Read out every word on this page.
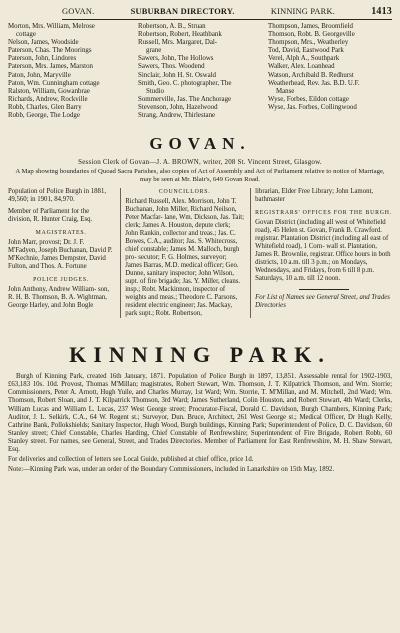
GOVAN.	SUBURBAN DIRECTORY.	KINNING PARK.	1413
Morton, Mrs. William, Melrose
cottage
Nelson, James, Woodside
Paterson, Chas. The Moorings
Paterson, John, Lindores
Paterson, Mrs. James, Marston
Paton, John, Maryville
Paton, Wm. Cunningham cottage
Ralston, William, Gowanbrae
Richards, Andrew, Rockville
Robb, Charles, Glen Barry
Robb, George, The Lodge
Robertson, A. B., Struan
Robertson, Robert, Heathbank
Russell, Mrs. Margaret, Dal-
grane
Sawers, John, The Hollows
Sawers, Thos. Woodend
Sinclair, John H. St. Oswald
Smith, Geo. C. photographer, The
Studio
Sommerville, Jas. The Anchorage
Stevenson, John, Hazelwood
Strang, Andrew, Thirlestane
Thompson, James, Broomfield
Thomson, Robt. B. Georgeville
Thompson, Mrs., Weatherley
Tod, David, Eastwood Park
Verel, Alph A., Southpark
Walker, Alex. Loanhead
Watson, Archibald B. Redhurst
Weatherhead, Rev. Jas. B.D. U.F.
Manse
Wyse, Forbes, Eildon cottage
Wyse, Jas. Forbes, Collingwood
GOVAN.
Session Clerk of Govan—J. A. BROWN, writer, 208 St. Vincent Street, Glasgow.
A Map showing boundaries of Quoad Sacra Parishes, also copies of Act of Assembly and Act of Parliament relative to notice of Marriage, may be seen at Mr. Blair's, 649 Govan Road.
Population of Police Burgh in 1881, 49,560; in 1901, 84,970.
Member of Parliament for the division, R. Hunter Craig, Esq.
MAGISTRATES.
John Marr, provost; Dr. J. F. M'Fadyen, Joseph Buchanan, David P. M'Kechnie, James Dempster, David Fulton, and Thos. A. Fortune
POLICE JUDGES.
John Anthony, Andrew William- son, R. H. B. Thomson, B. A. Wightman, George Harley, and John Bogle
COUNCILLORS.
Richard Russell, Alex. Morrison, John T. Buchanan, John Miller, Richard Neilson, Peter Macfar- lane, Wm. Dickson, Jas. Tait; clerk; James A. Houston, depute clerk; John Rankin, collector and treas.; Jas. C. Bowes, C.A., auditor; Jas. S. Whitecross, chief constable; James M. Malloch, burgh pro- secutor; F. G. Holmes, surveyor; James Barras, M.D. medical officer; Geo. Dunne, sanitary inspector; John Wilson, supt. of fire brigade; Jas. Y. Miller, cleans. insp.; Robt. Mackinnon, inspector of weights and meas.; Theodore C. Parsons, resident electric engineer; Jas. Mackay, park supt.; Robt. Robertson,
librarian, Elder Free Library; John Lamont, bathmaster
REGISTRARS' OFFICES FOR THE BURGH.
Govan District (including all west of Whitefield road), 45 Helen st. Govan, Frank B. Crawford. registrar. Plantation District (including all east of Whitefield road), 1 Corn- wall st. Plantation, James R. Brownlie, registrar. Office hours in both districts, 10 a.m. till 3 p.m.; on Mondays, Wednesdays, and Fridays, from 6 till 8 p.m. Saturdays, 10 a.m. till 12 noon.
For List of Names see General Street, and Trades Directories
KINNING PARK.

Burgh of Kinning Park, created 16th January, 1871. Population of Police Burgh in 1897, 13,851. Assessable rental for 1902-1903, £63,183 10s. 10d. Provost, Thomas M'Millan; magistrates, Robert Stewart, Wm. Thomson, J. T. Kilpatrick Thomson, and Wm. Storrie; Commissioners, Peter A. Arnott, Hugh Yuile, and Charles Murray, 1st Ward; Wm. Storrie, T. M'Millan, and M. Mitchell, 2nd Ward; Wm. Thomson, Robert Sloan, and J. T. Kilpatrick Thomson, 3rd Ward; James Sutherland, Colin Houston, and Robert Stewart, 4th Ward; Clerks, William Lucas and William L. Lucas, 237 West George street; Procurator-Fiscal, Dorald C. Davidson, Burgh Chambers, Kinning Park; Auditor, J. L. Selkirk, C.A., 64 W. Regent st.; Surveyor, Dun. Bruce, Architect, 261 West George st.; Medical Officer, Dr Hugh Kelly, Cathrine Bank, Pollokshields; Sanitary Inspector, Hugh Wood, Burgh buildings, Kinning Park; Superintendent of Police, D. C. Davidson, 60 Stanley street; Chief Constable, Charles Harding, Chief Constable of Renfrewshire; Superintendent of Fire Brigade, Robert Robb, 60 Stanley street. For names, see General, Street, and Trades Directories. Member of Parliament for East Renfrewshire, M. H. Shaw Stewart, Esq.

For deliveries and collection of letters see Local Guide, published at chief office, price 1d.
Note:—Kinning Park was, under an order of the Boundary Commissioners, included in Lanarkshire on 15th May, 1892.
